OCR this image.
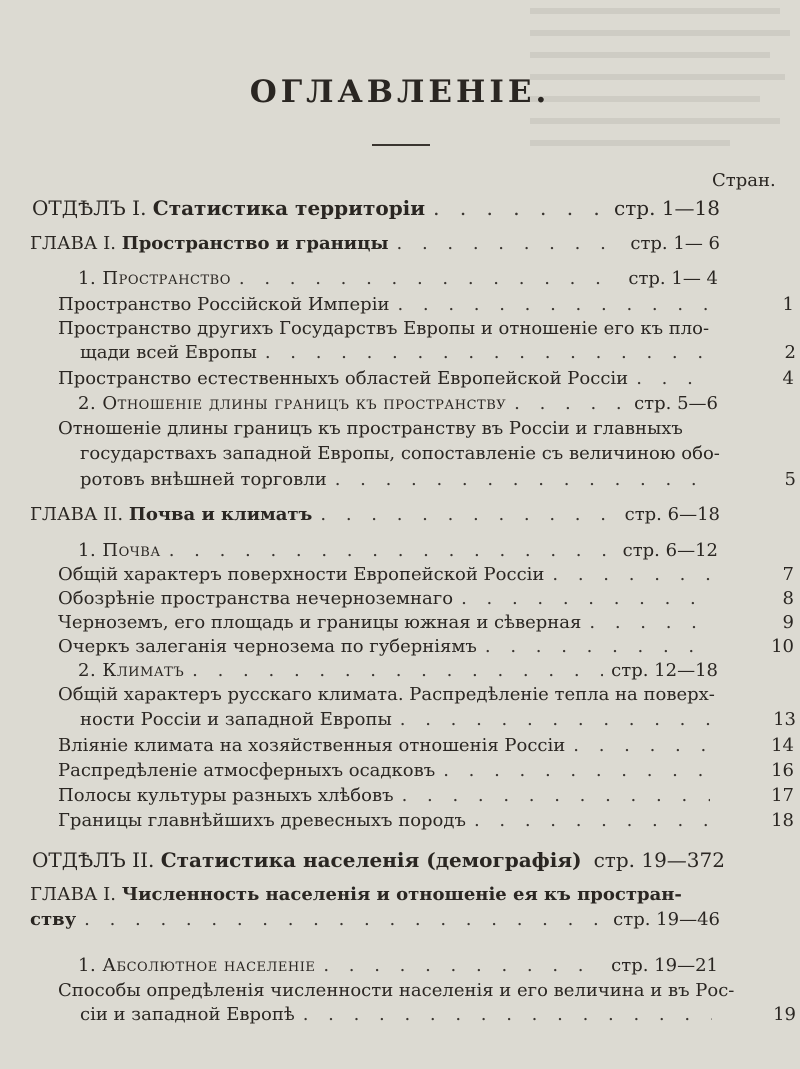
ОГЛАВЛЕНІЕ.
Стран.
ОТДѢЛЪ I. Статистика территоріи . . .	стр. 1—18
ГЛАВА I. Пространство и границы . . .	стр. 1— 6
1. Пространство . . .	стр. 1— 4
Пространство Россійской Имперіи . . .	1
Пространство другихъ Государствъ Европы и отношеніе его къ пло-
щади всей Европы . . .	2
Пространство естественныхъ областей Европейской Россіи . . .	4
2. Отношеніе длины границъ къ пространству . . .	стр. 5—6
Отношеніе длины границъ къ пространству въ Россіи и главныхъ
государствахъ западной Европы, сопоставленіе съ величиною обо-
ротовъ внѣшней торговли . . .	5
ГЛАВА II. Почва и климатъ . . .	стр. 6—18
1. Почва . . .	стр. 6—12
Общій характеръ поверхности Европейской Россіи . . .	7
Обозрѣніе пространства нечерноземнаго . . .	8
Черноземъ, его площадь и границы южная и сѣверная . . .	9
Очеркъ залеганія чернозема по губерніямъ . . .	10
2. Климатъ . . .	стр. 12—18
Общій характеръ русскаго климата. Распредѣленіе тепла на поверх-
ности Россіи и западной Европы . . .	13
Вліяніе климата на хозяйственныя отношенія Россіи . . .	14
Распредѣленіе атмосферныхъ осадковъ . . .	16
Полосы культуры разныхъ хлѣбовъ . . .	17
Границы главнѣйшихъ древесныхъ породъ . . .	18
ОТДѢЛЪ II. Статистика населенія (демографія) стр. 19—372
ГЛАВА I. Численность населенія и отношеніе ея къ простран-
ству . . .	стр. 19—46
1. Абсолютное населеніе . . .	стр. 19—21
Способы опредѣленія численности населенія и его величина и въ Рос-
сіи и западной Европѣ . . .	19
